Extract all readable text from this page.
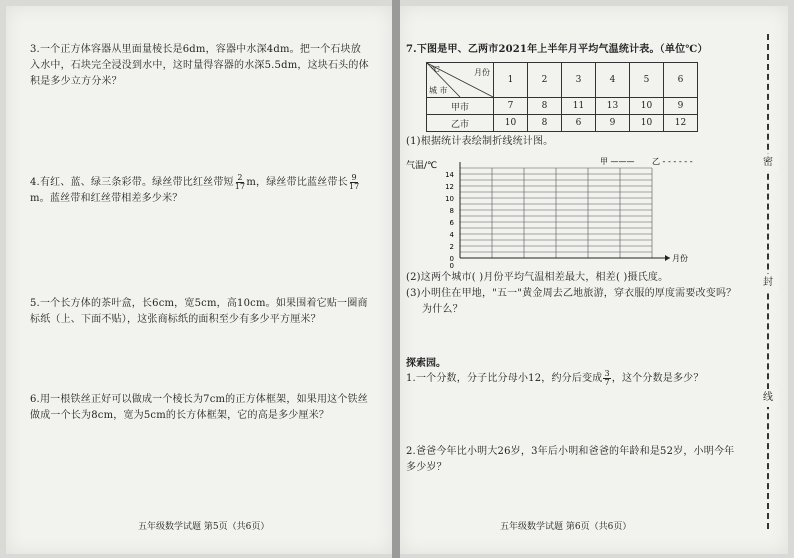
3.一个正方体容器从里面量棱长是6dm，容器中水深4dm。把一个石块放入水中，石块完全浸没到水中，这时量得容器的水深5.5dm，这块石头的体积是多少立方分米？

4.有红、蓝、绿三条彩带。绿丝带比红丝带短 $\frac{2}{17}$ m，绿丝带比蓝丝带长 $\frac{9}{17}$
m。蓝丝带和红丝带相差多少米？

5.一个长方体的茶叶盒，长6cm，宽5cm，高10cm。如果围着它贴一圈商标纸（上、下面不贴），这张商标纸的面积至少有多少平方厘米？

6.用一根铁丝正好可以做成一个棱长为7cm的正方体框架，如果用这个铁丝做成一个长为8cm，宽为5cm的长方体框架，它的高是多少厘米？

五年级数学试题 第5页（共6页）
7.下图是甲、乙两市2021年上半年月平均气温统计表。（单位℃）
℃ 月份
城 市	1	2	3	4	5	6
甲市	7	8	11	13	10	9
乙市	10	8	6	9	10	12
(1)根据统计表绘制折线统计图。
气温/℃	甲 ——— 乙 - - - - - -
0
2
4
6
8
10
12
14
月份
0
(2)这两个城市( )月份平均气温相差最大，相差( )摄氏度。

(3)小明住在甲地，"五一"黄金周去乙地旅游，穿衣服的厚度需要改变吗？

为什么？

探索园。

1.一个分数，分子比分母小12，约分后变成 $\frac{3}{7}$ ，这个分数是多少？

2.爸爸今年比小明大26岁，3年后小明和爸爸的年龄和是52岁，小明今年多少岁？

五年级数学试题 第6页（共6页）
密
封
线
